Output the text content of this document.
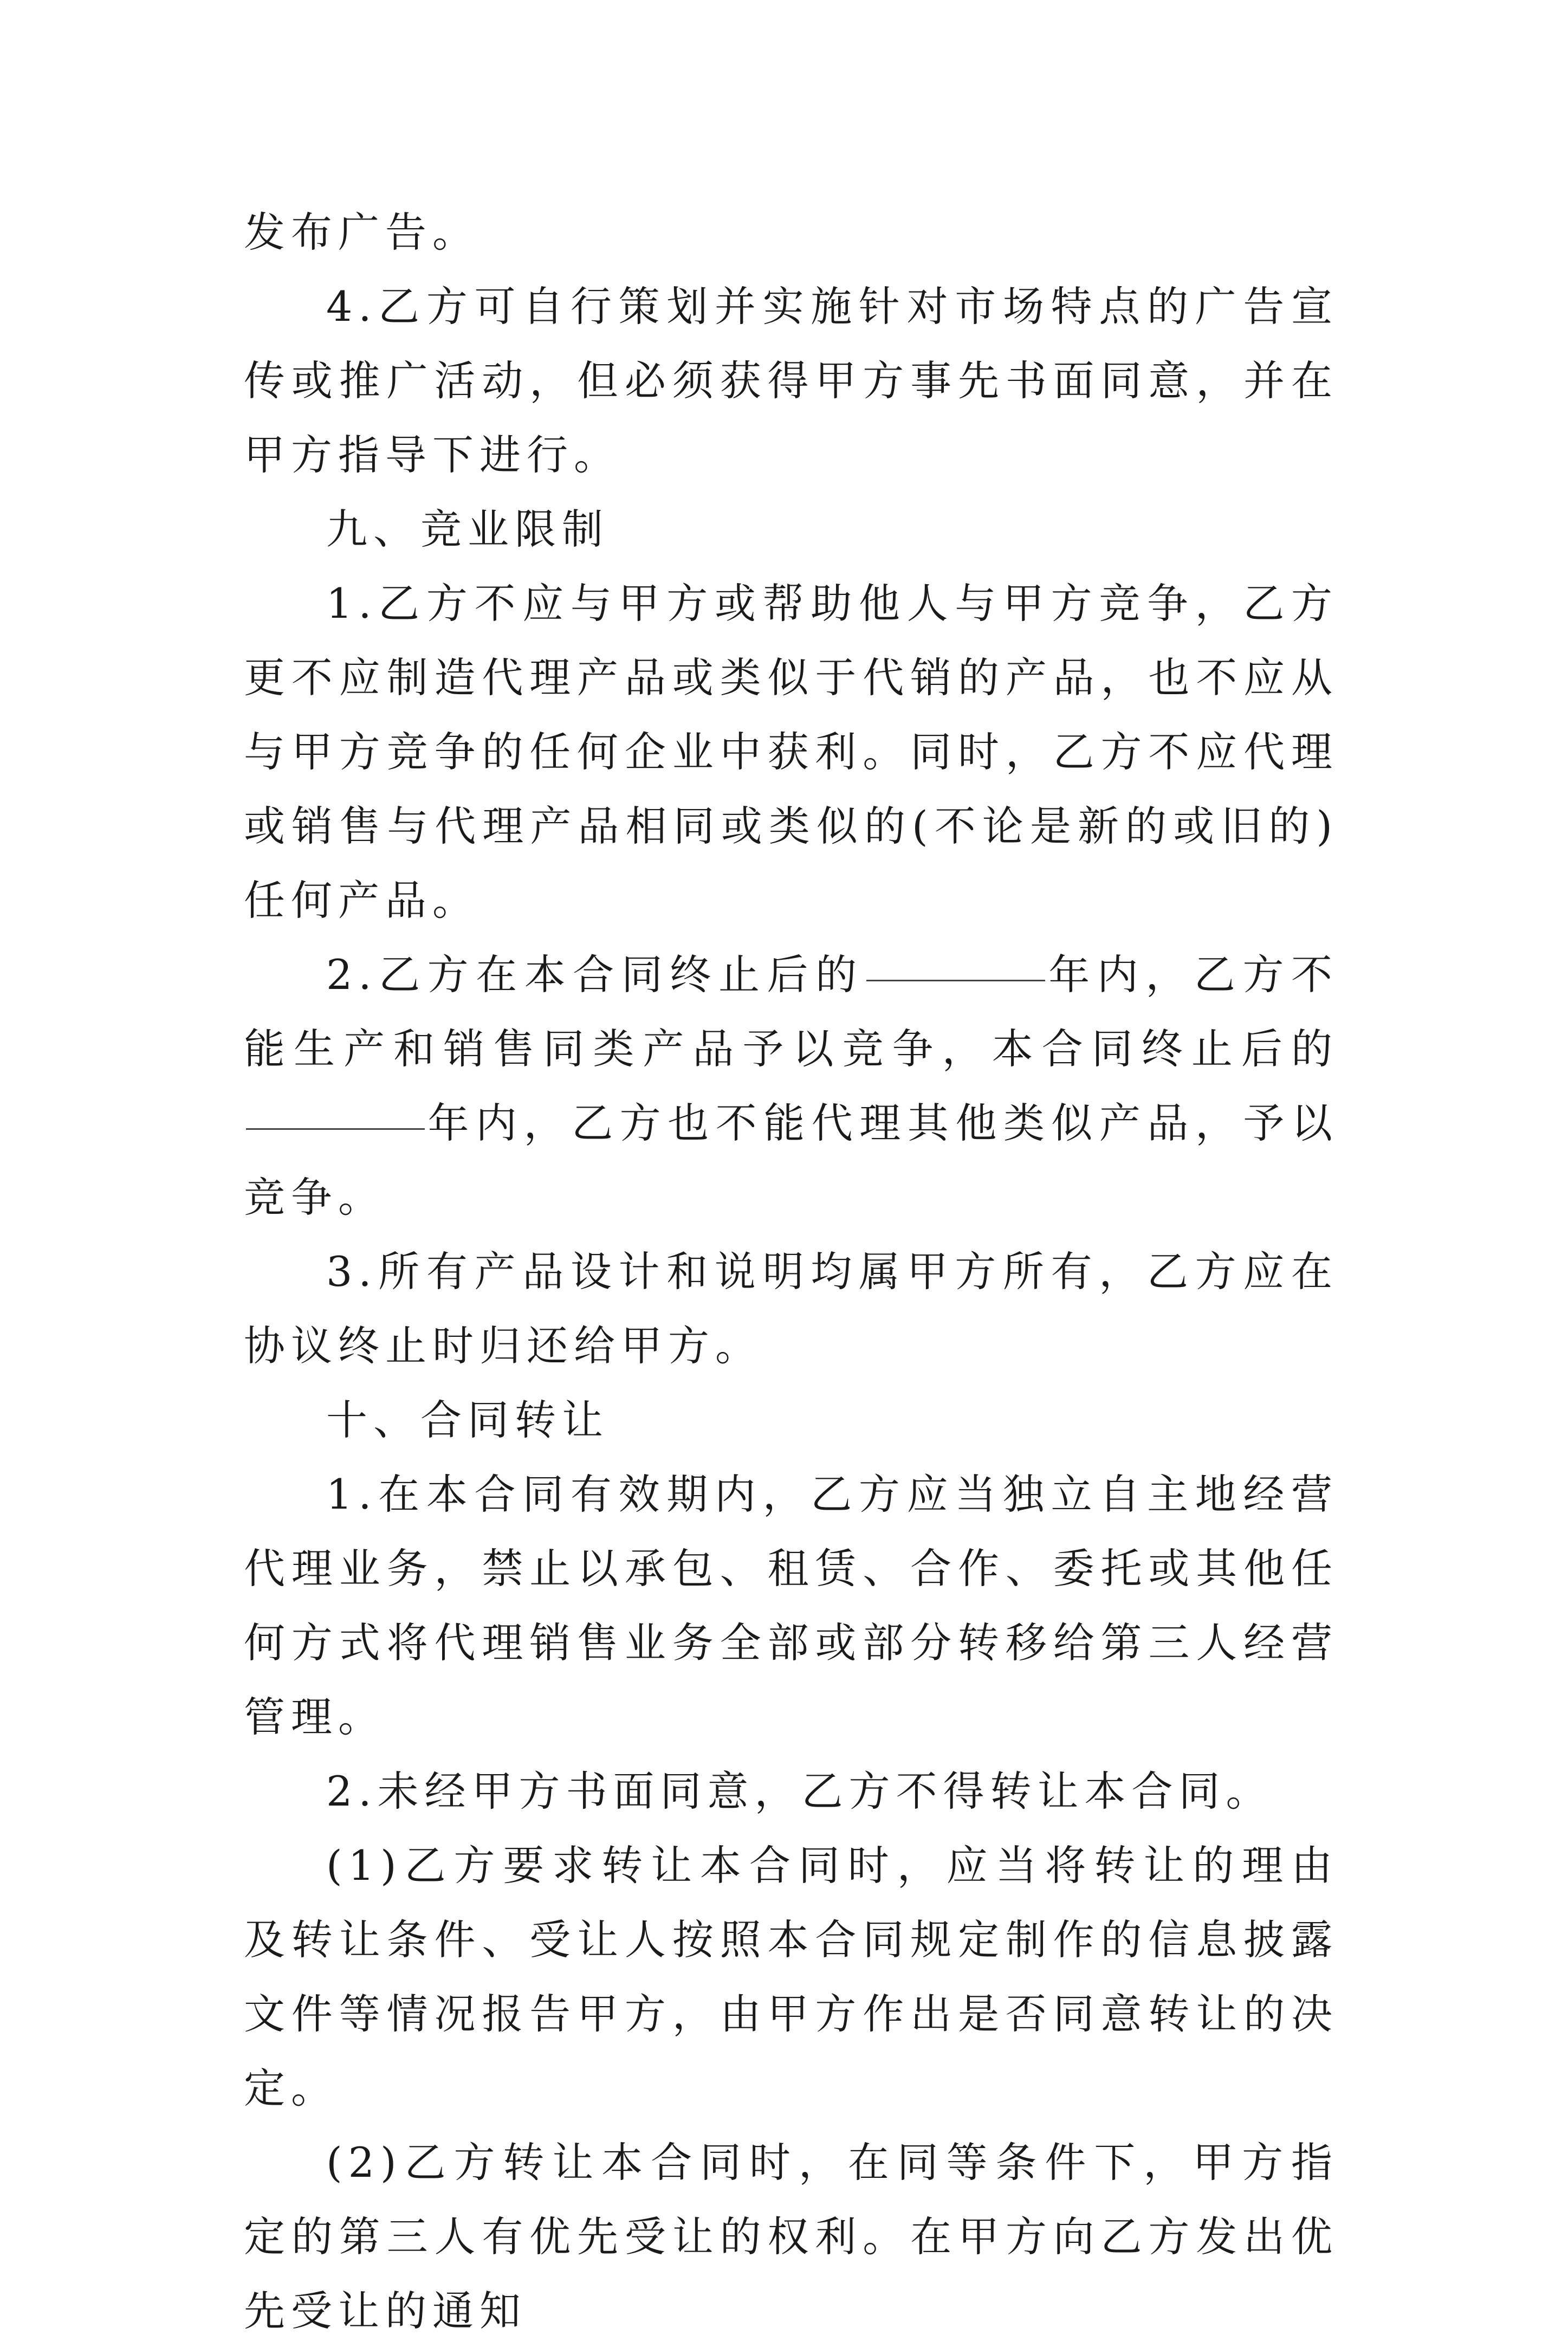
发布广告。

4.乙方可自行策划并实施针对市场特点的广告宣传或推广活动，但必须获得甲方事先书面同意，并在甲方指导下进行。

九、竞业限制

1.乙方不应与甲方或帮助他人与甲方竞争，乙方更不应制造代理产品或类似于代销的产品，也不应从与甲方竞争的任何企业中获利。同时，乙方不应代理或销售与代理产品相同或类似的(不论是新的或旧的)任何产品。

2.乙方在本合同终止后的	年内，乙方不能生产和销售同类产品予以竞争，本合同终止后的年内，乙方也不能代理其他类似产品，予以竞争。

3.所有产品设计和说明均属甲方所有，乙方应在协议终止时归还给甲方。

十、合同转让

1.在本合同有效期内，乙方应当独立自主地经营代理业务，禁止以承包、租赁、合作、委托或其他任何方式将代理销售业务全部或部分转移给第三人经营管理。

2.未经甲方书面同意，乙方不得转让本合同。

(1)乙方要求转让本合同时，应当将转让的理由及转让条件、受让人按照本合同规定制作的信息披露文件等情况报告甲方，由甲方作出是否同意转让的决定。

(2)乙方转让本合同时，在同等条件下，甲方指定的第三人有优先受让的权利。在甲方向乙方发出优先受让的通知
